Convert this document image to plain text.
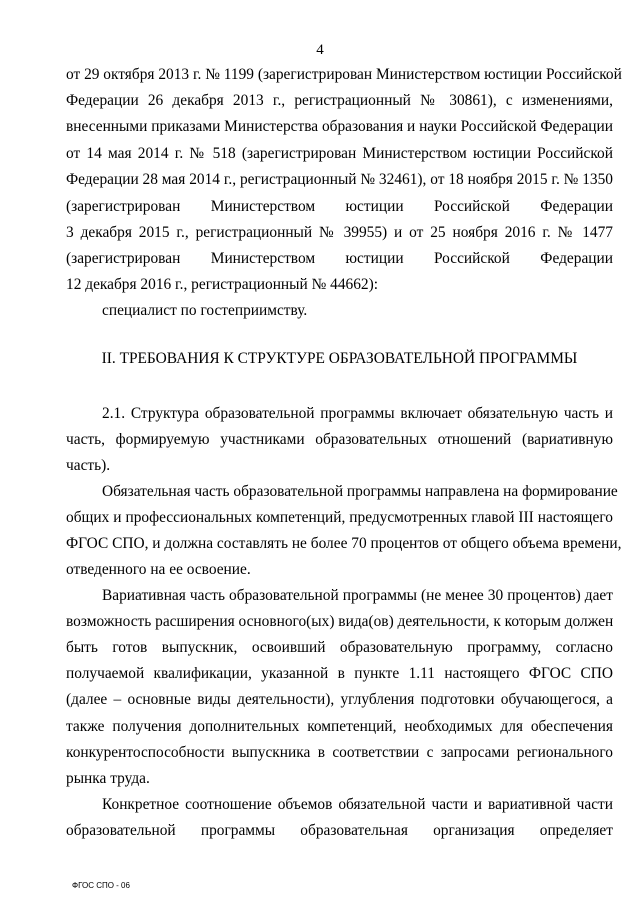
4
от 29 октября 2013 г. № 1199 (зарегистрирован Министерством юстиции Российской
Федерации 26 декабря 2013 г., регистрационный № 30861), с изменениями,
внесенными приказами Министерства образования и науки Российской Федерации
от 14 мая 2014 г. № 518 (зарегистрирован Министерством юстиции Российской
Федерации 28 мая 2014 г., регистрационный № 32461), от 18 ноября 2015 г. № 1350
(зарегистрирован Министерством юстиции Российской Федерации
3 декабря 2015 г., регистрационный № 39955) и от 25 ноября 2016 г. № 1477
(зарегистрирован Министерством юстиции Российской Федерации
12 декабря 2016 г., регистрационный № 44662):
специалист по гостеприимству.
II. ТРЕБОВАНИЯ К СТРУКТУРЕ ОБРАЗОВАТЕЛЬНОЙ ПРОГРАММЫ
2.1. Структура образовательной программы включает обязательную часть и
часть, формируемую участниками образовательных отношений (вариативную
часть).
Обязательная часть образовательной программы направлена на формирование
общих и профессиональных компетенций, предусмотренных главой III настоящего
ФГОС СПО, и должна составлять не более 70 процентов от общего объема времени,
отведенного на ее освоение.
Вариативная часть образовательной программы (не менее 30 процентов) дает
возможность расширения основного(ых) вида(ов) деятельности, к которым должен
быть готов выпускник, освоивший образовательную программу, согласно
получаемой квалификации, указанной в пункте 1.11 настоящего ФГОС СПО
(далее – основные виды деятельности), углубления подготовки обучающегося, а
также получения дополнительных компетенций, необходимых для обеспечения
конкурентоспособности выпускника в соответствии с запросами регионального
рынка труда.
Конкретное соотношение объемов обязательной части и вариативной части
образовательной программы образовательная организация определяет
ФГОС СПО - 06
